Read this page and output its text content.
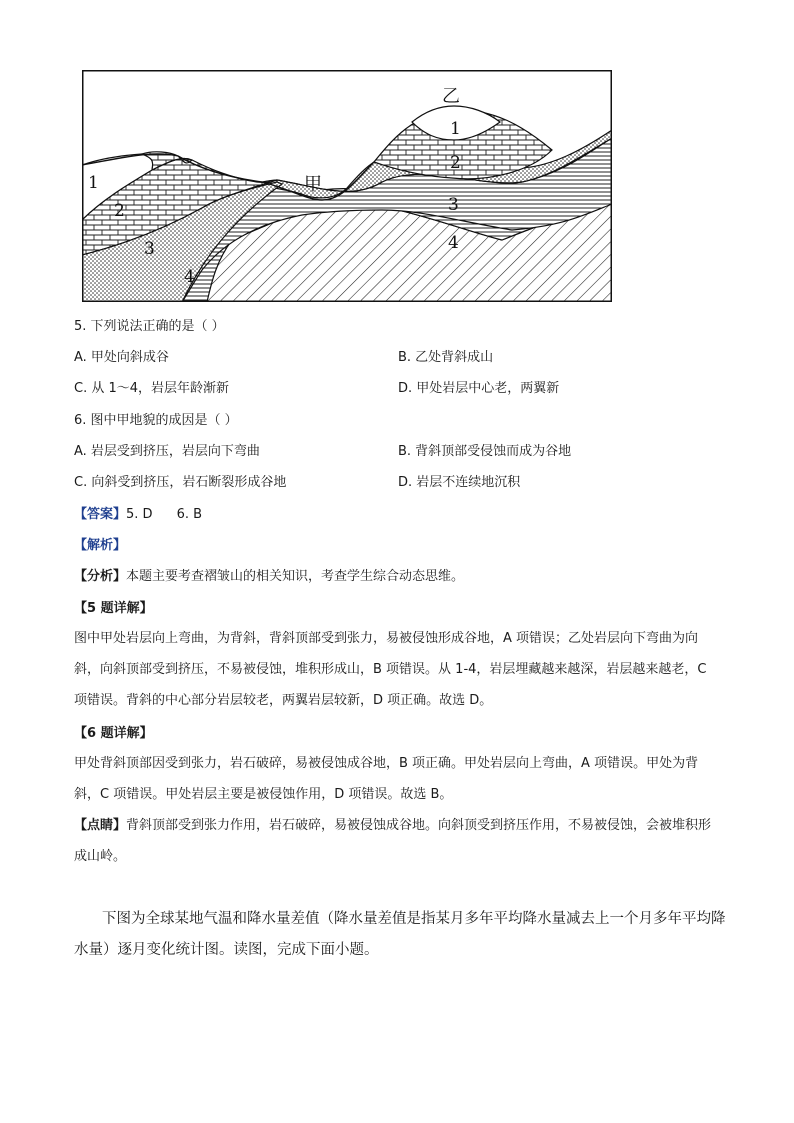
乙
甲
1
2
3
4
1
2
3
4
5. 下列说法正确的是（ ）
A. 甲处向斜成谷	B. 乙处背斜成山
C. 从 1～4，岩层年龄渐新	D. 甲处岩层中心老，两翼新
6. 图中甲地貌的成因是（ ）
A. 岩层受到挤压，岩层向下弯曲	B. 背斜顶部受侵蚀而成为谷地
C. 向斜受到挤压，岩石断裂形成谷地	D. 岩层不连续地沉积
【答案】5. D 6. B
【解析】
【分析】本题主要考查褶皱山的相关知识，考查学生综合动态思维。
【5 题详解】
图中甲处岩层向上弯曲，为背斜，背斜顶部受到张力，易被侵蚀形成谷地，A 项错误；乙处岩层向下弯曲为向斜，向斜顶部受到挤压，不易被侵蚀，堆积形成山，B 项错误。从 1-4，岩层埋藏越来越深，岩层越来越老，C 项错误。背斜的中心部分岩层较老，两翼岩层较新，D 项正确。故选 D。
【6 题详解】
甲处背斜顶部因受到张力，岩石破碎，易被侵蚀成谷地，B 项正确。甲处岩层向上弯曲，A 项错误。甲处为背斜，C 项错误。甲处岩层主要是被侵蚀作用，D 项错误。故选 B。
【点睛】背斜顶部受到张力作用，岩石破碎，易被侵蚀成谷地。向斜顶受到挤压作用，不易被侵蚀，会被堆积形成山岭。
下图为全球某地气温和降水量差值（降水量差值是指某月多年平均降水量减去上一个月多年平均降水量）逐月变化统计图。读图，完成下面小题。
